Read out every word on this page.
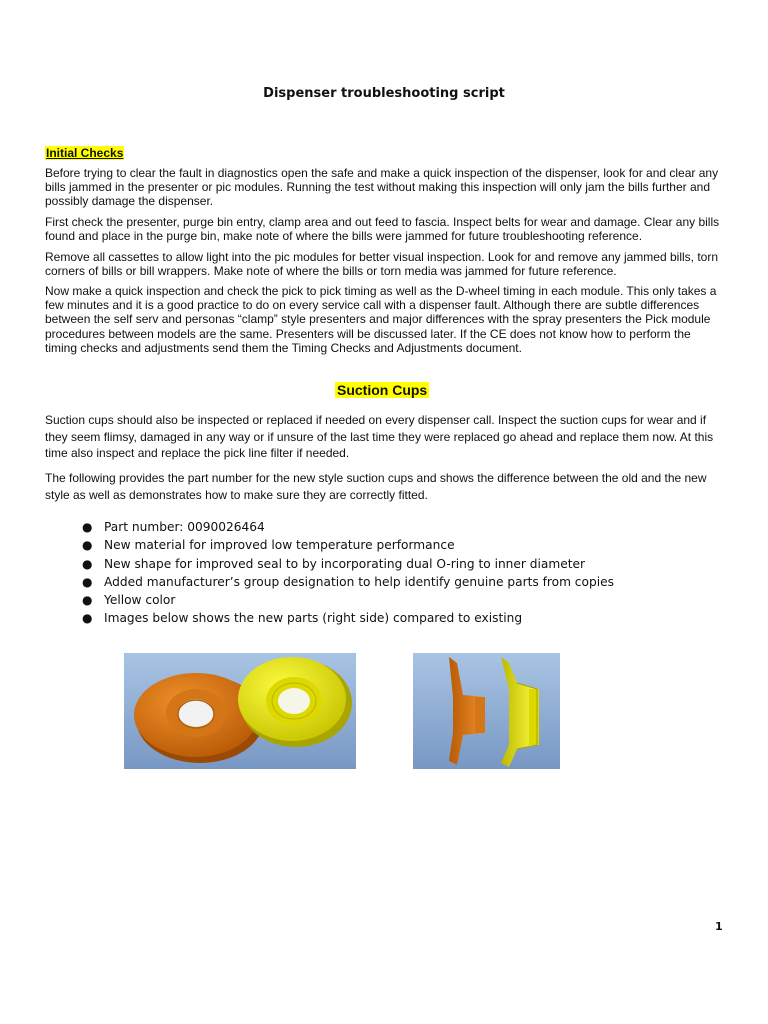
Dispenser troubleshooting script
Initial Checks

Before trying to clear the fault in diagnostics open the safe and make a quick inspection of the dispenser, look for and clear any bills jammed in the presenter or pic modules. Running the test without making this inspection will only jam the bills further and possibly damage the dispenser.

First check the presenter, purge bin entry, clamp area and out feed to fascia. Inspect belts for wear and damage. Clear any bills found and place in the purge bin, make note of where the bills were jammed for future troubleshooting reference.

Remove all cassettes to allow light into the pic modules for better visual inspection. Look for and remove any jammed bills, torn corners of bills or bill wrappers. Make note of where the bills or torn media was jammed for future reference.

Now make a quick inspection and check the pick to pick timing as well as the D-wheel timing in each module. This only takes a few minutes and it is a good practice to do on every service call with a dispenser fault. Although there are subtle differences between the self serv and personas “clamp” style presenters and major differences with the spray presenters the Pick module procedures between models are the same. Presenters will be discussed later. If the CE does not know how to perform the timing checks and adjustments send them the Timing Checks and Adjustments document.

Suction Cups

Suction cups should also be inspected or replaced if needed on every dispenser call. Inspect the suction cups for wear and if they seem flimsy, damaged in any way or if unsure of the last time they were replaced go ahead and replace them now. At this time also inspect and replace the pick line filter if needed.

The following provides the part number for the new style suction cups and shows the difference between the old and the new style as well as demonstrates how to make sure they are correctly fitted.

● Part number: 0090026464
● New material for improved low temperature performance
● New shape for improved seal to by incorporating dual O-ring to inner diameter
● Added manufacturer’s group designation to help identify genuine parts from copies
● Yellow color
● Images below shows the new parts (right side) compared to existing
1
